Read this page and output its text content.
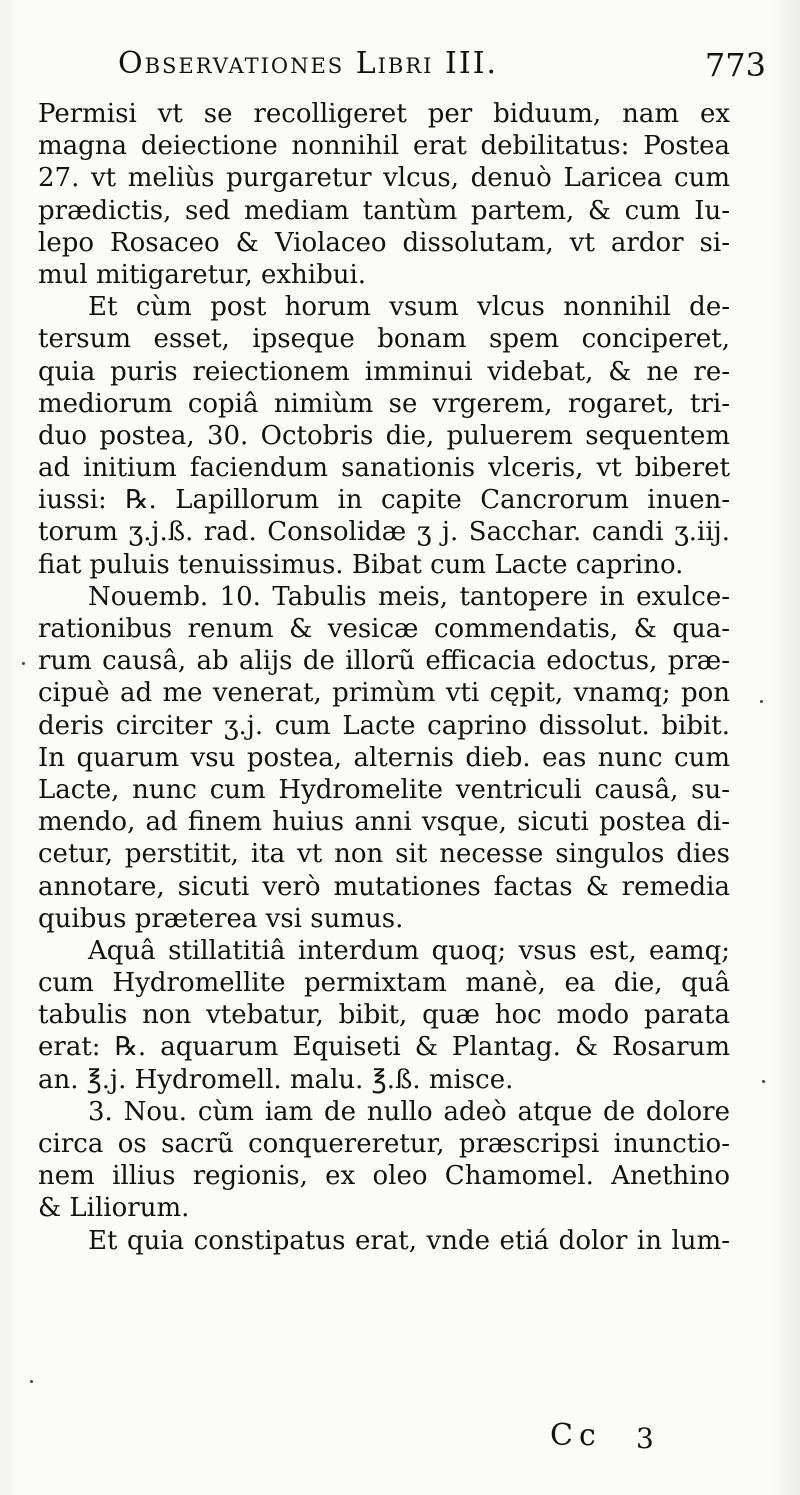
Observationes Libri III.	773
Permisi vt se recolligeret per biduum, nam ex
magna deiectione nonnihil erat debilitatus: Postea
27. vt meliùs purgaretur vlcus, denuò Laricea cum
prædictis, sed mediam tantùm partem, & cum Iu-
lepo Rosaceo & Violaceo dissolutam, vt ardor si-
mul mitigaretur, exhibui.
Et cùm post horum vsum vlcus nonnihil de-
tersum esset, ipseque bonam spem conciperet,
quia puris reiectionem imminui videbat, & ne re-
mediorum copiâ nimiùm se vrgerem, rogaret, tri-
duo postea, 30. Octobris die, puluerem sequentem
ad initium faciendum sanationis vlceris, vt biberet
iussi: ℞. Lapillorum in capite Cancrorum inuen-
torum ʒ.j.ß. rad. Consolidæ ʒ j. Sacchar. candi ʒ.iij.
fiat puluis tenuissimus. Bibat cum Lacte caprino.
Nouemb. 10. Tabulis meis, tantopere in exulce-
rationibus renum & vesicæ commendatis, & qua-
rum causâ, ab alijs de illorũ efficacia edoctus, præ-
cipuè ad me venerat, primùm vti cępit, vnamq; pon
deris circiter ʒ.j. cum Lacte caprino dissolut. bibit.
In quarum vsu postea, alternis dieb. eas nunc cum
Lacte, nunc cum Hydromelite ventriculi causâ, su-
mendo, ad finem huius anni vsque, sicuti postea di-
cetur, perstitit, ita vt non sit necesse singulos dies
annotare, sicuti verò mutationes factas & remedia
quibus præterea vsi sumus.
Aquâ stillatitiâ interdum quoq; vsus est, eamq;
cum Hydromellite permixtam manè, ea die, quâ
tabulis non vtebatur, bibit, quæ hoc modo parata
erat: ℞. aquarum Equiseti & Plantag. & Rosarum
an. ℥.j. Hydromell. malu. ℥.ß. misce.
3. Nou. cùm iam de nullo adeò atque de dolore
circa os sacrũ conquereretur, præscripsi inunctio-
nem illius regionis, ex oleo Chamomel. Anethino
& Liliorum.
Et quia constipatus erat, vnde etiá dolor in lum-
Cc 3
